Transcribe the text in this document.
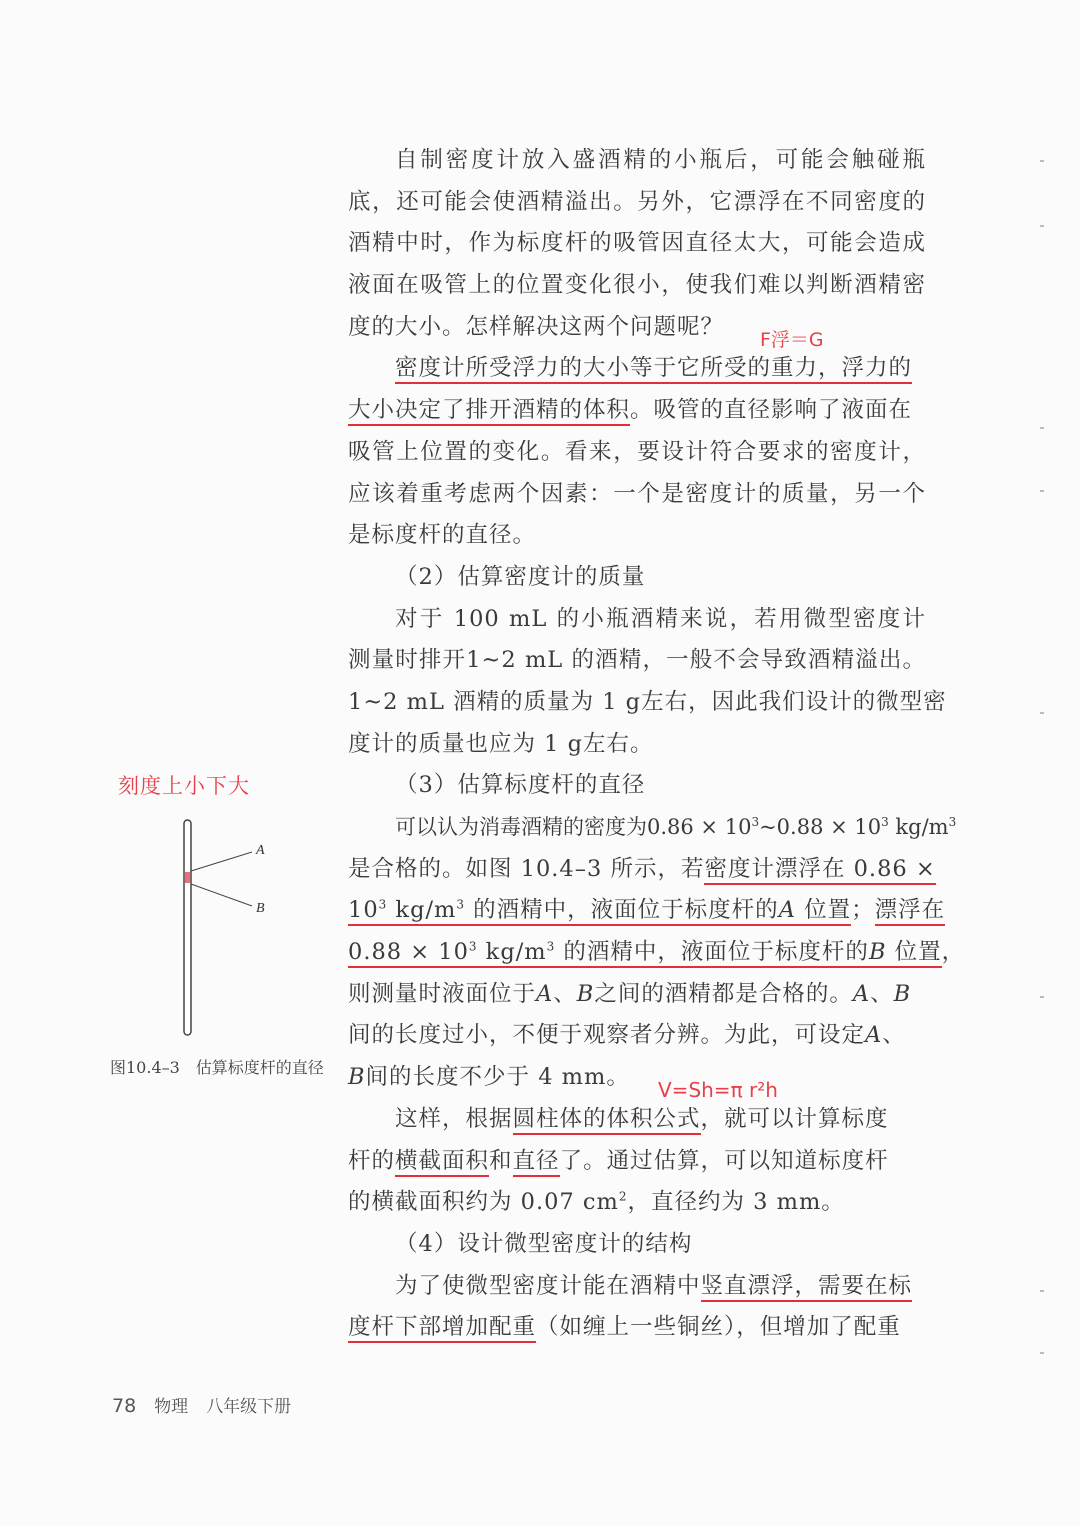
自制密度计放入盛酒精的小瓶后，可能会触碰瓶
底，还可能会使酒精溢出。另外，它漂浮在不同密度的
酒精中时，作为标度杆的吸管因直径太大，可能会造成
液面在吸管上的位置变化很小，使我们难以判断酒精密
度的大小。怎样解决这两个问题呢？
密度计所受浮力的大小等于它所受的重力，浮力的
大小决定了排开酒精的体积。吸管的直径影响了液面在
吸管上位置的变化。看来，要设计符合要求的密度计，
应该着重考虑两个因素：一个是密度计的质量，另一个
是标度杆的直径。
（2）估算密度计的质量
对于 100 mL 的小瓶酒精来说，若用微型密度计
测量时排开1~2 mL 的酒精，一般不会导致酒精溢出。
1~2 mL 酒精的质量为 1 g左右，因此我们设计的微型密
度计的质量也应为 1 g左右。
（3）估算标度杆的直径
可以认为消毒酒精的密度为$0.86 \times 10^3\sim 0.88 \times 10^3$ $kg/m^3$
是合格的。如图 10.4–3 所示，若密度计漂浮在 0.86 ×
$10^3$ $kg/m^3$ 的酒精中，液面位于标度杆的A 位置；漂浮在
$0.88 \times 10^3$ $kg/m^3$ 的酒精中，液面位于标度杆的B 位置，
则测量时液面位于A、B之间的酒精都是合格的。A、B
间的长度过小，不便于观察者分辨。为此，可设定A、
B间的长度不少于 4 mm。
这样，根据圆柱体的体积公式，就可以计算标度
杆的横截面积和直径了。通过估算，可以知道标度杆
的横截面积约为 0.07 $cm^2$，直径约为 3 mm。
（4）设计微型密度计的结构
为了使微型密度计能在酒精中竖直漂浮，需要在标
度杆下部增加配重（如缠上一些铜丝），但增加了配重
F浮＝G
刻度上小下大
V=Sh=π r²h
A
B
图10.4–3　估算标度杆的直径
78 物理 八年级下册
